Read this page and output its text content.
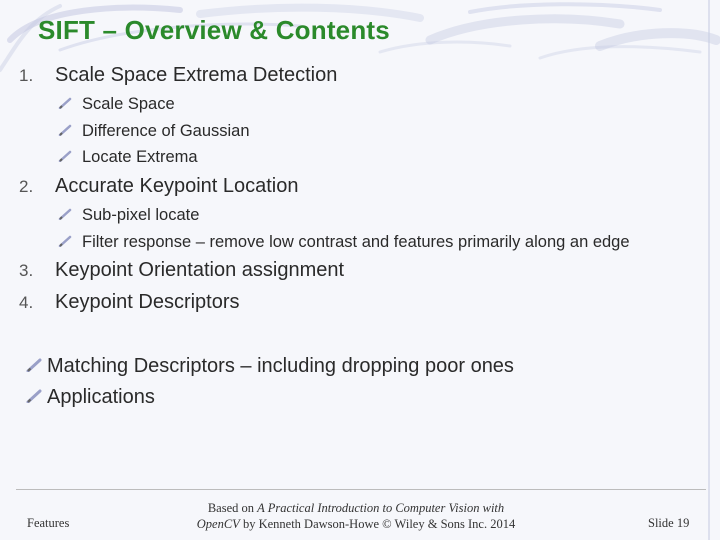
SIFT – Overview & Contents
1. Scale Space Extrema Detection
Scale Space
Difference of Gaussian
Locate Extrema
2. Accurate Keypoint Location
Sub-pixel locate
Filter response – remove low contrast and features primarily along an edge
3. Keypoint Orientation assignment
4. Keypoint Descriptors
Matching Descriptors – including dropping poor ones
Applications
Features
Based on A Practical Introduction to Computer Vision with
OpenCV by Kenneth Dawson-Howe © Wiley & Sons Inc. 2014	Slide 19
